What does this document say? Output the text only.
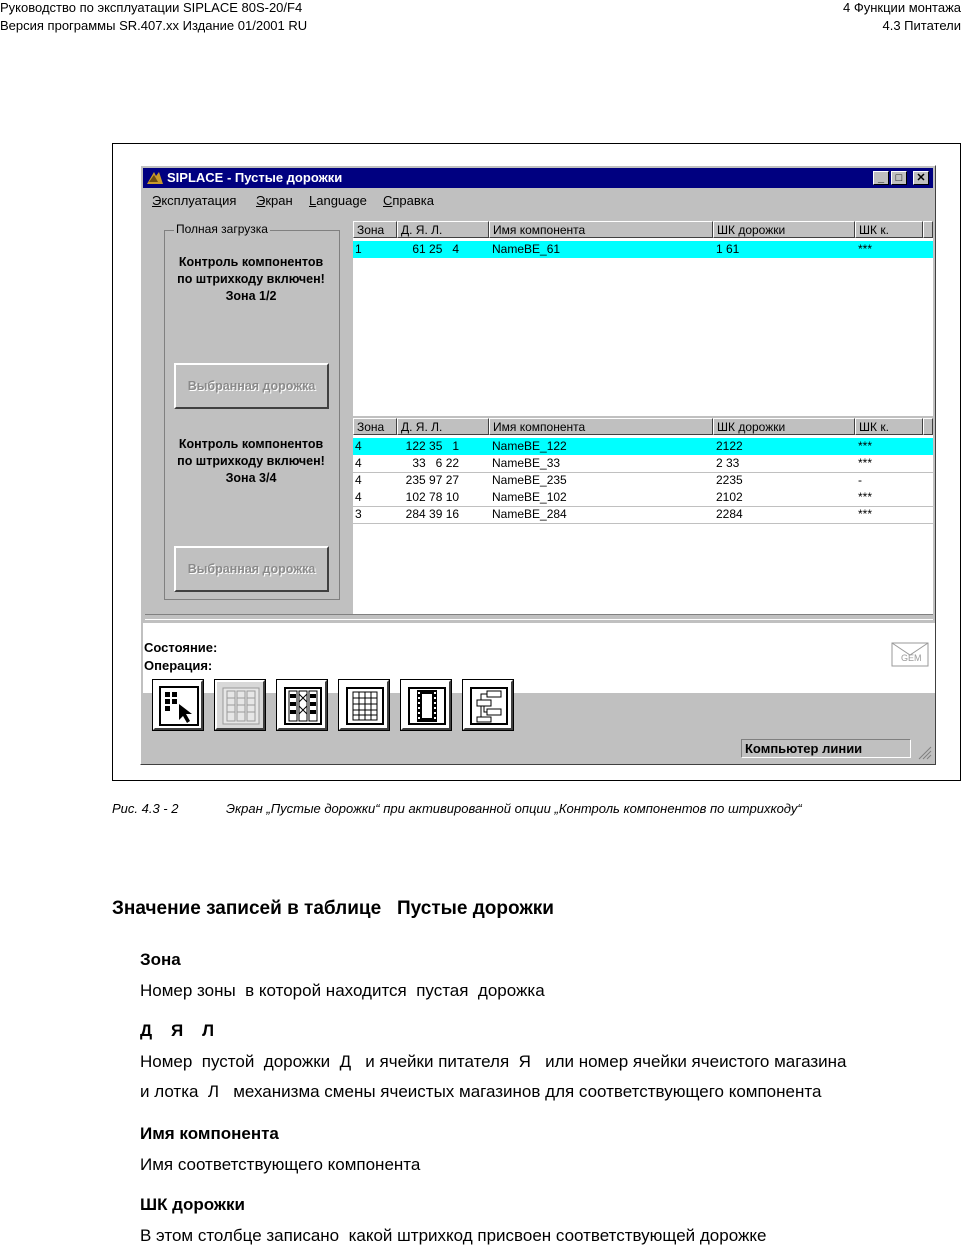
Руководство по эксплуатации SIPLACE 80S-20/F4
Версия программы SR.407.xx Издание 01/2001 RU
4 Функции монтажа
4.3 Питатели
SIPLACE - Пустые дорожки	_	□	✕
Эксплуатация Экран Language Справка
Полная загрузка
Контроль компонентов по штрихкоду включен! Зона 1/2
Выбранная дорожка
Контроль компонентов по штрихкоду включен! Зона 3/4
Выбранная дорожка
Зона	Д. Я. Л.	Имя компонента	ШК дорожки	ШК к.
1	61 25   4	NameBE_61	1 61	***
Зона	Д. Я. Л.	Имя компонента	ШК дорожки	ШК к.
4	122 35   1	NameBE_122	2122	***
4	33   6 22	NameBE_33	2 33	***
4	235 97 27	NameBE_235	2235	-
4	102 78 10	NameBE_102	2102	***
3	284 39 16	NameBE_284	2284	***
Состояние:
Операция:	GEM
Компьютер линии
Рис. 4.3 - 2	Экран „Пустые дорожки“ при активированной опции „Контроль компонентов по штрихкоду“
Значение записей в таблице   Пустые дорожки
Зона
Номер зоны  в которой находится  пустая  дорожка
Д    Я    Л
Номер  пустой  дорожки  Д   и ячейки питателя  Я   или номер ячейки ячеистого магазина
и лотка  Л   механизма смены ячеистых магазинов для соответствующего компонента
Имя компонента
Имя соответствующего компонента
ШК дорожки
В этом столбце записано  какой штрихкод присвоен соответствующей дорожке
